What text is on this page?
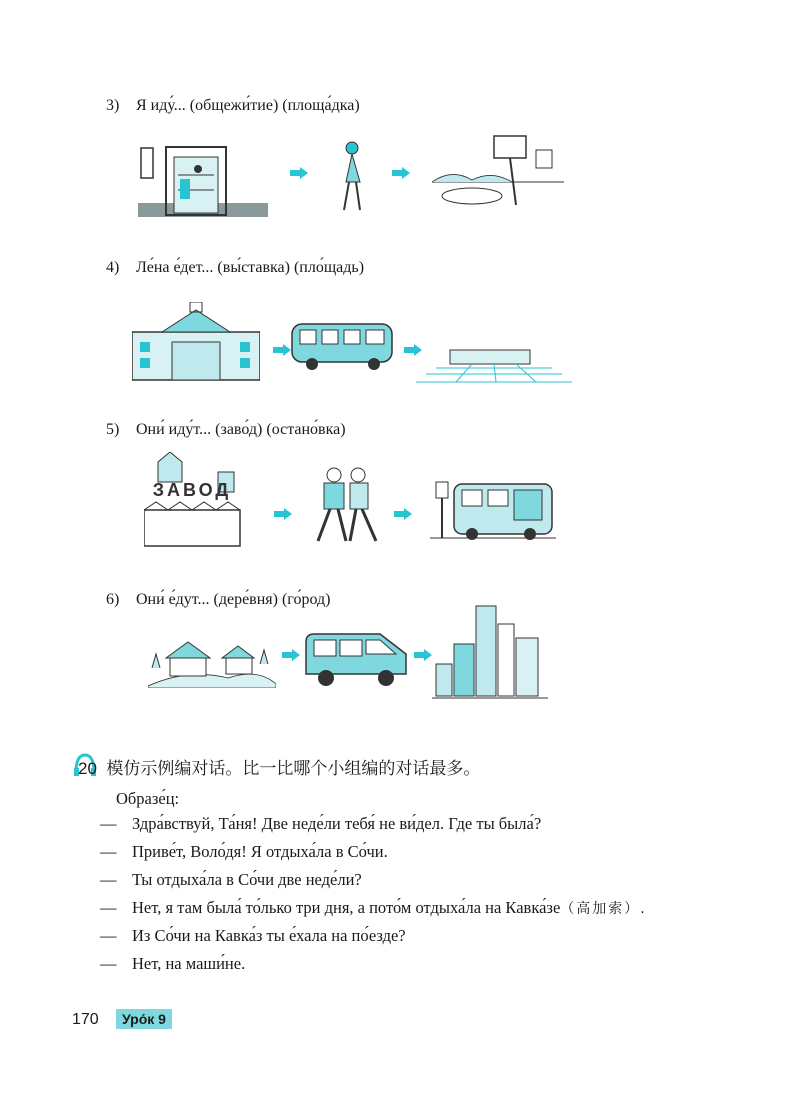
3) Я иду́... (общежи́тие) (площа́дка)
4) Ле́на е́дет... (вы́ставка) (пло́щадь)
5) Они́ иду́т... (заво́д) (остано́вка)
ЗАВОД
6) Они́ е́дут... (дере́вня) (го́род)
20 模仿示例编对话。比一比哪个小组编的对话最多。
Образе́ц:
— Здра́вствуй, Та́ня! Две неде́ли тебя́ не ви́дел. Где ты была́?
— Приве́т, Воло́дя! Я отдыха́ла в Со́чи.
— Ты отдыха́ла в Со́чи две неде́ли?
— Нет, я там была́ то́лько три дня, а пото́м отдыха́ла на Кавка́зе（高加索）.
— Из Со́чи на Кавка́з ты е́хала на по́езде?
— Нет, на маши́не.
170	Уро́к 9
